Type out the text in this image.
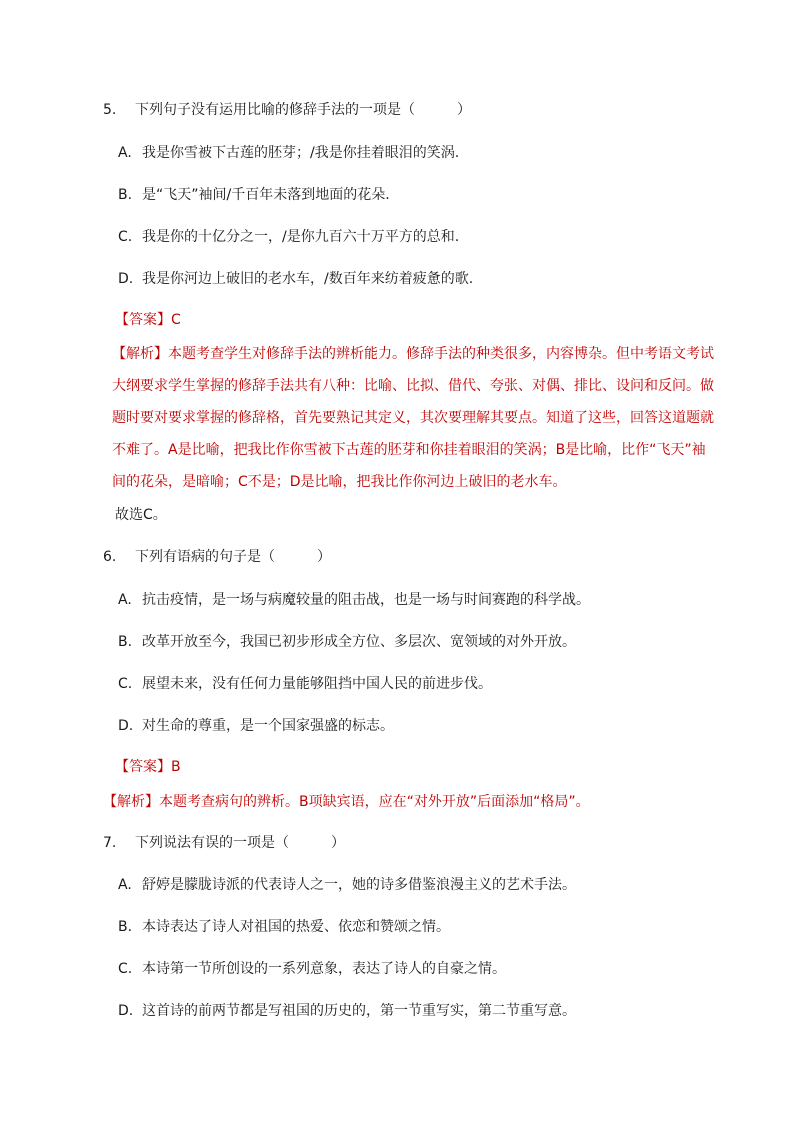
5. 下列句子没有运用比喻的修辞手法的一项是（　　　）
A. 我是你雪被下古莲的胚芽；/我是你挂着眼泪的笑涡.
B. 是“飞天”袖间/千百年未落到地面的花朵.
C. 我是你的十亿分之一，/是你九百六十万平方的总和.
D. 我是你河边上破旧的老水车，/数百年来纺着疲惫的歌.
【答案】C
【解析】本题考查学生对修辞手法的辨析能力。修辞手法的种类很多，内容博杂。但中考语文考试
大纲要求学生掌握的修辞手法共有八种：比喻、比拟、借代、夸张、对偶、排比、设问和反问。做
题时要对要求掌握的修辞格，首先要熟记其定义，其次要理解其要点。知道了这些，回答这道题就
不难了。A是比喻，把我比作你雪被下古莲的胚芽和你挂着眼泪的笑涡；B是比喻，比作“飞天”袖
间的花朵，是暗喻；C不是；D是比喻，把我比作你河边上破旧的老水车。
故选C。
6. 下列有语病的句子是（　　　）
A. 抗击疫情，是一场与病魔较量的阻击战，也是一场与时间赛跑的科学战。
B. 改革开放至今，我国已初步形成全方位、多层次、宽领域的对外开放。
C. 展望未来，没有任何力量能够阻挡中国人民的前进步伐。
D. 对生命的尊重，是一个国家强盛的标志。
【答案】B
【解析】本题考查病句的辨析。B项缺宾语，应在“对外开放”后面添加“格局”。
7. 下列说法有误的一项是（　　　）
A. 舒婷是朦胧诗派的代表诗人之一，她的诗多借鉴浪漫主义的艺术手法。
B. 本诗表达了诗人对祖国的热爱、依恋和赞颂之情。
C. 本诗第一节所创设的一系列意象，表达了诗人的自豪之情。
D. 这首诗的前两节都是写祖国的历史的，第一节重写实，第二节重写意。
